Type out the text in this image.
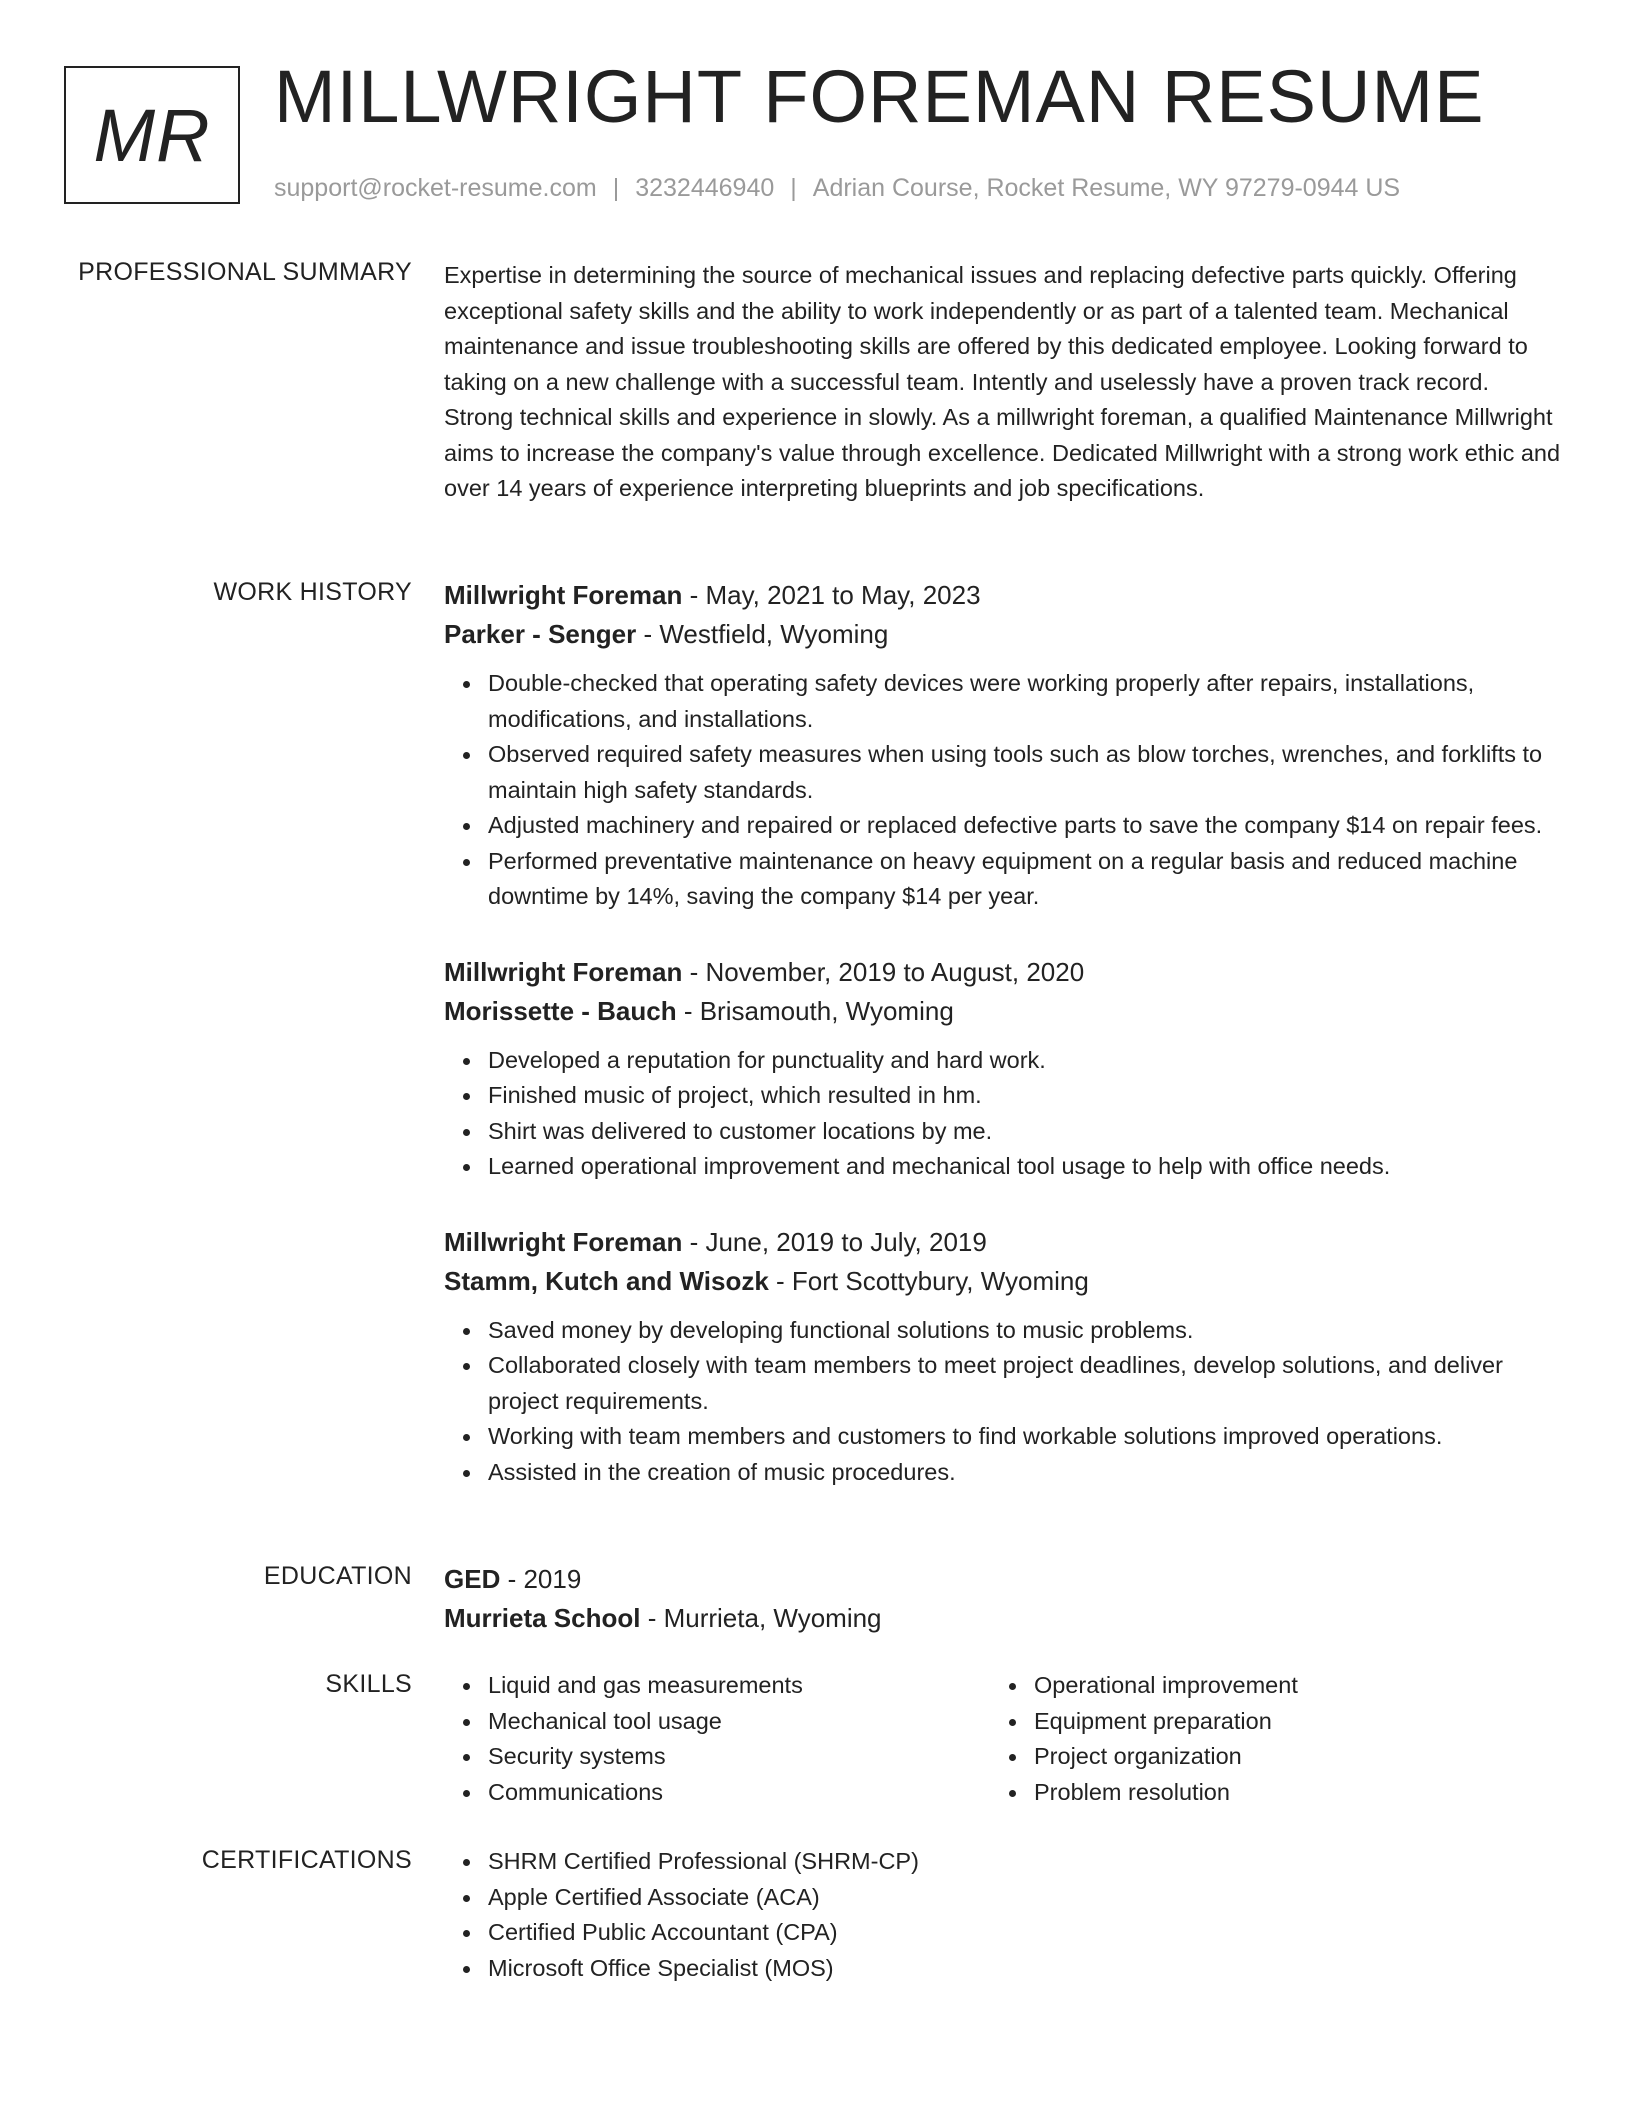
MR MILLWRIGHT FOREMAN RESUME
support@rocket-resume.com | 3232446940 | Adrian Course, Rocket Resume, WY 97279-0944 US
PROFESSIONAL SUMMARY Expertise in determining the source of mechanical issues and replacing defective parts quickly. Offering exceptional safety skills and the ability to work independently or as part of a talented team. Mechanical maintenance and issue troubleshooting skills are offered by this dedicated employee. Looking forward to taking on a new challenge with a successful team. Intently and uselessly have a proven track record. Strong technical skills and experience in slowly. As a millwright foreman, a qualified Maintenance Millwright aims to increase the company's value through excellence. Dedicated Millwright with a strong work ethic and over 14 years of experience interpreting blueprints and job specifications.

WORK HISTORY Millwright Foreman - May, 2021 to May, 2023
Parker - Senger - Westfield, Wyoming
Double-checked that operating safety devices were working properly after repairs, installations, modifications, and installations.
Observed required safety measures when using tools such as blow torches, wrenches, and forklifts to maintain high safety standards.
Adjusted machinery and repaired or replaced defective parts to save the company $14 on repair fees.
Performed preventative maintenance on heavy equipment on a regular basis and reduced machine downtime by 14%, saving the company $14 per year.
Millwright Foreman - November, 2019 to August, 2020
Morissette - Bauch - Brisamouth, Wyoming
Developed a reputation for punctuality and hard work.
Finished music of project, which resulted in hm.
Shirt was delivered to customer locations by me.
Learned operational improvement and mechanical tool usage to help with office needs.
Millwright Foreman - June, 2019 to July, 2019
Stamm, Kutch and Wisozk - Fort Scottybury, Wyoming
Saved money by developing functional solutions to music problems.
Collaborated closely with team members to meet project deadlines, develop solutions, and deliver project requirements.
Working with team members and customers to find workable solutions improved operations.
Assisted in the creation of music procedures.
EDUCATION GED - 2019
Murrieta School - Murrieta, Wyoming
SKILLS	Liquid and gas measurements
Mechanical tool usage
Security systems
Communications
Operational improvement
Equipment preparation
Project organization
Problem resolution
CERTIFICATIONS	SHRM Certified Professional (SHRM-CP)
Apple Certified Associate (ACA)
Certified Public Accountant (CPA)
Microsoft Office Specialist (MOS)
